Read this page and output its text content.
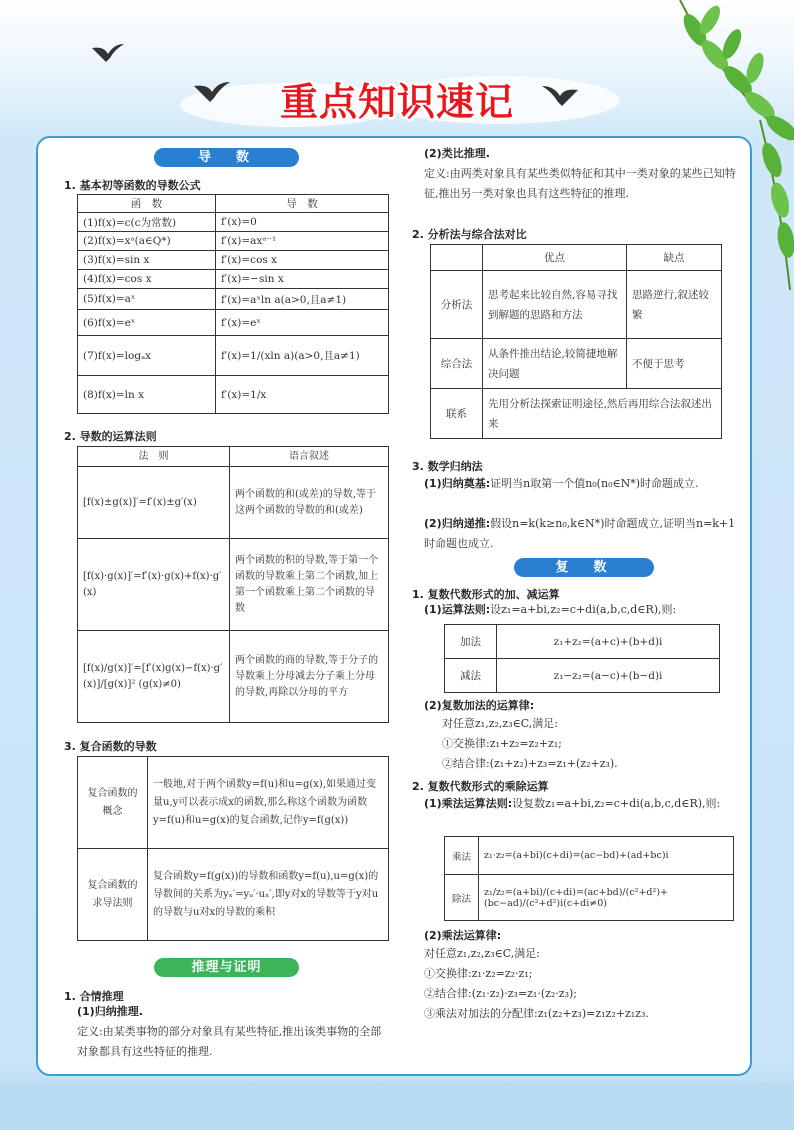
重点知识速记
导　数
1. 基本初等函数的导数公式
函　数	导　数
(1)f(x)=c(c为常数)	f′(x)=0
(2)f(x)=xᵃ(a∈Q*)	f′(x)=axᵃ⁻¹
(3)f(x)=sin x	f′(x)=cos x
(4)f(x)=cos x	f′(x)=−sin x
(5)f(x)=aˣ	f′(x)=aˣln a(a>0,且a≠1)
(6)f(x)=eˣ	f′(x)=eˣ
(7)f(x)=logₐx	f′(x)=1/(xln a)(a>0,且a≠1)
(8)f(x)=ln x	f′(x)=1/x
2. 导数的运算法则
法　则	语言叙述
[f(x)±g(x)]′=f′(x)±g′(x)	两个函数的和(或差)的导数,等于这两个函数的导数的和(或差)
[f(x)·g(x)]′=f′(x)·g(x)+f(x)·g′(x)	两个函数的积的导数,等于第一个函数的导数乘上第二个函数,加上第一个函数乘上第二个函数的导数
[f(x)/g(x)]′=[f′(x)g(x)−f(x)·g′(x)]/[g(x)]² (g(x)≠0)	两个函数的商的导数,等于分子的导数乘上分母减去分子乘上分母的导数,再除以分母的平方
3. 复合函数的导数
复合函数的概念	一般地,对于两个函数y=f(u)和u=g(x),如果通过变量u,y可以表示成x的函数,那么称这个函数为函数y=f(u)和u=g(x)的复合函数,记作y=f(g(x))
复合函数的求导法则	复合函数y=f(g(x))的导数和函数y=f(u),u=g(x)的导数间的关系为yₓ′=yᵤ′·uₓ′,即y对x的导数等于y对u的导数与u对x的导数的乘积
推理与证明
1. 合情推理
(1)归纳推理.
定义:由某类事物的部分对象具有某些特征,推出该类事物的全部对象都具有这些特征的推理.
(2)类比推理.
定义:由两类对象具有某些类似特征和其中一类对象的某些已知特征,推出另一类对象也具有这些特征的推理.
2. 分析法与综合法对比
	优点	缺点
分析法	思考起来比较自然,容易寻找到解题的思路和方法	思路逆行,叙述较繁
综合法	从条件推出结论,较简捷地解决问题	不便于思考
联系	先用分析法探索证明途径,然后再用综合法叙述出来	
3. 数学归纳法
(1)归纳奠基:证明当n取第一个值n₀(n₀∈N*)时命题成立.
(2)归纳递推:假设n=k(k≥n₀,k∈N*)时命题成立,证明当n=k+1时命题也成立.
复　数
1. 复数代数形式的加、减运算
(1)运算法则:设z₁=a+bi,z₂=c+di(a,b,c,d∈R),则:
加法	z₁+z₂=(a+c)+(b+d)i
减法	z₁−z₂=(a−c)+(b−d)i
(2)复数加法的运算律:
对任意z₁,z₂,z₃∈C,满足:
①交换律:z₁+z₂=z₂+z₁;
②结合律:(z₁+z₂)+z₃=z₁+(z₂+z₃).
2. 复数代数形式的乘除运算
(1)乘法运算法则:设复数z₁=a+bi,z₂=c+di(a,b,c,d∈R),则:
乘法	z₁·z₂=(a+bi)(c+di)=(ac−bd)+(ad+bc)i
除法	z₁/z₂=(a+bi)/(c+di)=(ac+bd)/(c²+d²)+(bc−ad)/(c²+d²)i(c+di≠0)
(2)乘法运算律:
对任意z₁,z₂,z₃∈C,满足:
①交换律:z₁·z₂=z₂·z₁;
②结合律:(z₁·z₂)·z₃=z₁·(z₂·z₃);
③乘法对加法的分配律:z₁(z₂+z₃)=z₁z₂+z₁z₃.
